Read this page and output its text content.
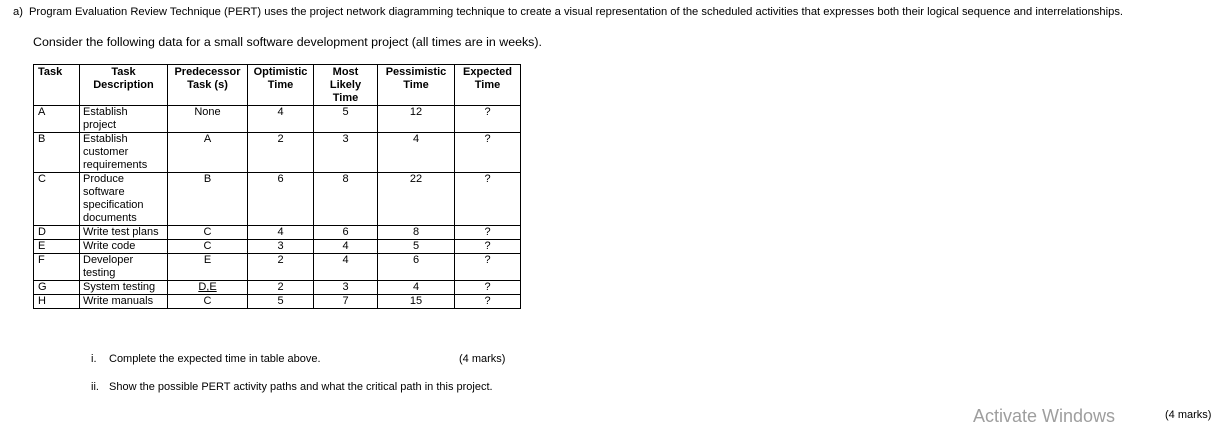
a) Program Evaluation Review Technique (PERT) uses the project network diagramming technique to create a visual representation of the scheduled activities that expresses both their logical sequence and interrelationships.
Consider the following data for a small software development project (all times are in weeks).
Task	Task Description	Predecessor Task (s)	Optimistic Time	Most Likely Time	Pessimistic Time	Expected Time
A	Establish project	None	4	5	12	?
B	Establish customer requirements	A	2	3	4	?
C	Produce software specification documents	B	6	8	22	?
D	Write test plans	C	4	6	8	?
E	Write code	C	3	4	5	?
F	Developer testing	E	2	4	6	?
G	System testing	D,E	2	3	4	?
H	Write manuals	C	5	7	15	?
i. Complete the expected time in table above.	(4 marks)
ii. Show the possible PERT activity paths and what the critical path in this project.
(4 marks)
Activate Windows
